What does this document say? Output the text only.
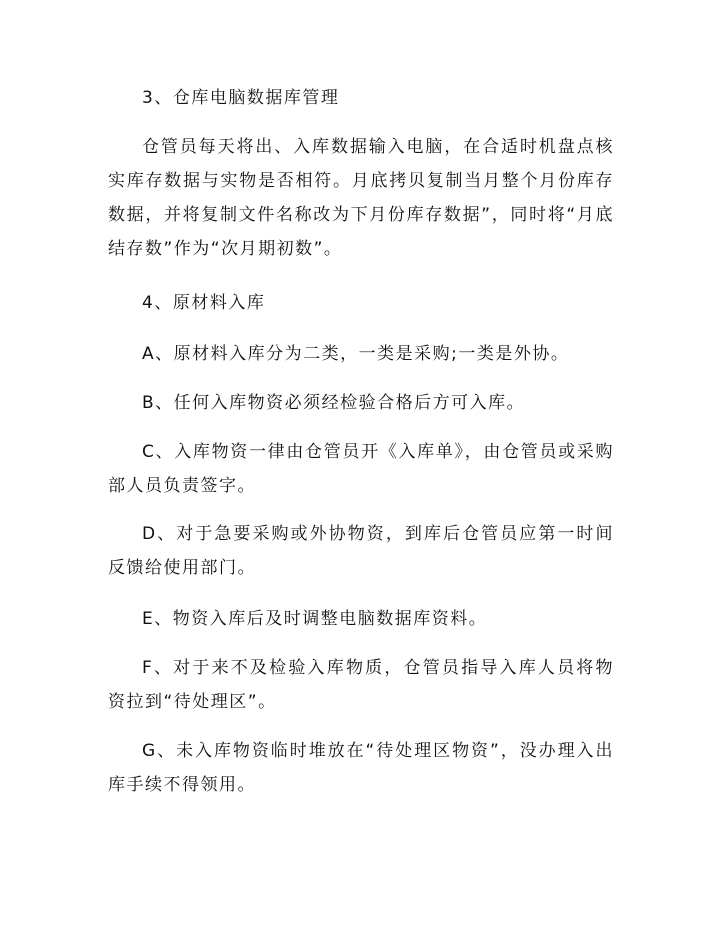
3、仓库电脑数据库管理

仓管员每天将出、入库数据输入电脑，在合适时机盘点核实库存数据与实物是否相符。月底拷贝复制当月整个月份库存数据，并将复制文件名称改为下月份库存数据”，同时将“月底结存数”作为“次月期初数”。

4、原材料入库

A、原材料入库分为二类，一类是采购;一类是外协。

B、任何入库物资必须经检验合格后方可入库。

C、入库物资一律由仓管员开《入库单》，由仓管员或采购部人员负责签字。

D、对于急要采购或外协物资，到库后仓管员应第一时间反馈给使用部门。

E、物资入库后及时调整电脑数据库资料。

F、对于来不及检验入库物质，仓管员指导入库人员将物资拉到“待处理区”。

G、未入库物资临时堆放在“待处理区物资”，没办理入出库手续不得领用。
